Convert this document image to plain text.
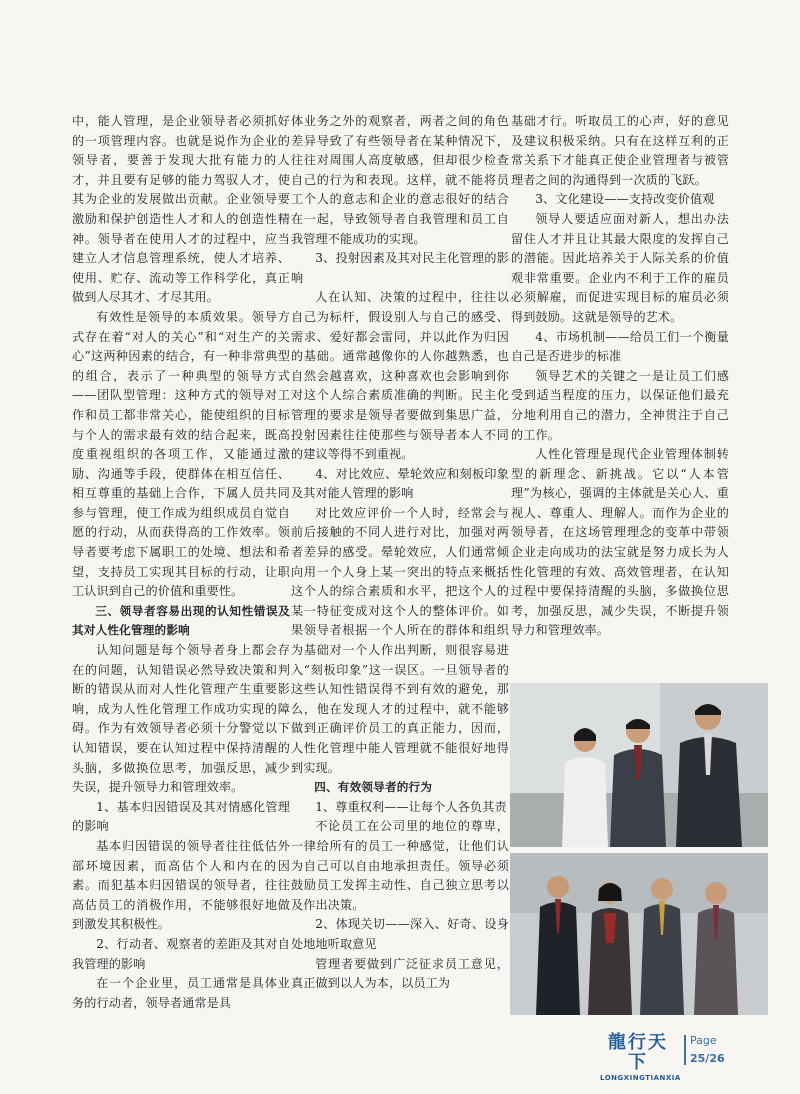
中，能人管理，是企业领导者必须抓好的一项管理内容。也就是说作为企业的领导者，要善于发现大批有能力的人才，并且要有足够的能力驾驭人才，使其为企业的发展做出贡献。企业领导要激励和保护创造性人才和人的创造性精神。领导者在使用人才的过程中，应当建立人才信息管理系统，使人才培养、使用、贮存、流动等工作科学化，真正做到人尽其才、才尽其用。

有效性是领导的本质效果。领导方式存在着“对人的关心”和“对生产的关心”这两种因素的结合，有一种非常典型的组合，表示了一种典型的领导方式——团队型管理：这种方式的领导对工作和员工都非常关心，能使组织的目标与个人的需求最有效的结合起来，既高度重视组织的各项工作，又能通过激励、沟通等手段，使群体在相互信任、相互尊重的基础上合作，下属人员共同参与管理，使工作成为组织成员自觉自愿的行动，从而获得高的工作效率。领导者要考虑下属职工的处境、想法和希望，支持员工实现其目标的行动，让职工认识到自己的价值和重要性。

三、领导者容易出现的认知性错误及其对人性化管理的影响

认知问题是每个领导者身上都会存在的问题，认知错误必然导致决策和判断的错误从而对人性化管理产生重要影响，成为人性化管理工作成功实现的障碍。作为有效领导者必须十分警觉以下认知错误，要在认知过程中保持清醒的头脑，多做换位思考，加强反思，减少失误，提升领导力和管理效率。

1、基本归因错误及其对情感化管理的影响

基本归因错误的领导者往往低估外部环境因素，而高估个人和内在的因素。而犯基本归因错误的领导者，往往高估员工的消极作用，不能够很好地做到激发其积极性。

2、行动者、观察者的差距及其对自我管理的影响

在一个企业里，员工通常是具体业务的行动者，领导者通常是具

体业务之外的观察者，两者之间的角色差异导致了有些领导者在某种情况下，往往对周围人高度敏感，但却很少检查自己的行为和表现。这样，就不能将员工个人的意志和企业的意志很好的结合在一起，导致领导者自我管理和员工自我管理不能成功的实现。

3、投射因素及其对民主化管理的影响

人在认知、决策的过程中，往往以自己为标杆，假设别人与自己的感受、需求、爱好都会雷同，并以此作为归因的基础。通常越像你的人你越熟悉，也自然会越喜欢，这种喜欢也会影响到你对这个人综合素质准确的判断。民主化管理的要求是领导者要做到集思广益，投射因素往往使那些与领导者本人不同的建议等得不到重视。

4、对比效应、晕轮效应和刻板印象及其对能人管理的影响

对比效应评价一个人时，经常会与前后接触的不同人进行对比，加强对两者差异的感受。晕轮效应，人们通常倾向用一个人身上某一突出的特点来概括这个人的综合素质和水平，把这个人的某一特征变成对这个人的整体评价。如果领导者根据一个人所在的群体和组织为基础对一个人作出判断，则很容易进入“刻板印象”这一误区。一旦领导者的这些认知性错误得不到有效的避免，那么，他在发现人才的过程中，就不能够做到正确评价员工的真正能力，因而，人性化管理中能人管理就不能很好地得到实现。

四、有效领导者的行为

1、尊重权利——让每个人各负其责

不论员工在公司里的地位的尊卑，一律给所有的员工一种感觉，让他们认为自己可以自由地承担责任。领导必须鼓励员工发挥主动性、自己独立思考以及作出决策。

2、体现关切——深入、好奇、设身处地地听取意见

管理者要做到广泛征求员工意见，真正做到以人为本，以员工为

基础才行。听取员工的心声，好的意见及建议积极采纳。只有在这样互利的正常关系下才能真正使企业管理者与被管理者之间的沟通得到一次质的飞跃。

3、文化建设——支持改变价值观

领导人要适应面对新人，想出办法留住人才并且让其最大限度的发挥自己的潜能。因此培养关于人际关系的价值观非常重要。企业内不利于工作的雇员必须解雇，而促进实现目标的雇员必须得到鼓励。这就是领导的艺术。

4、市场机制——给员工们一个衡量自己是否进步的标准

领导艺术的关键之一是让员工们感受到适当程度的压力，以保证他们最充分地利用自己的潜力，全神贯注于自己的工作。

人性化管理是现代企业管理体制转型的新理念、新挑战。它以“人本管理”为核心，强调的主体就是关心人、重视人、尊重人、理解人。而作为企业的领导者，在这场管理理念的变革中带领企业走向成功的法宝就是努力成长为人性化管理的有效、高效管理者，在认知过程中要保持清醒的头脑，多做换位思考，加强反思，减少失误，不断提升领导力和管理效率。

龍行天下
LONGXINGTIANXIA
Page
25/26
